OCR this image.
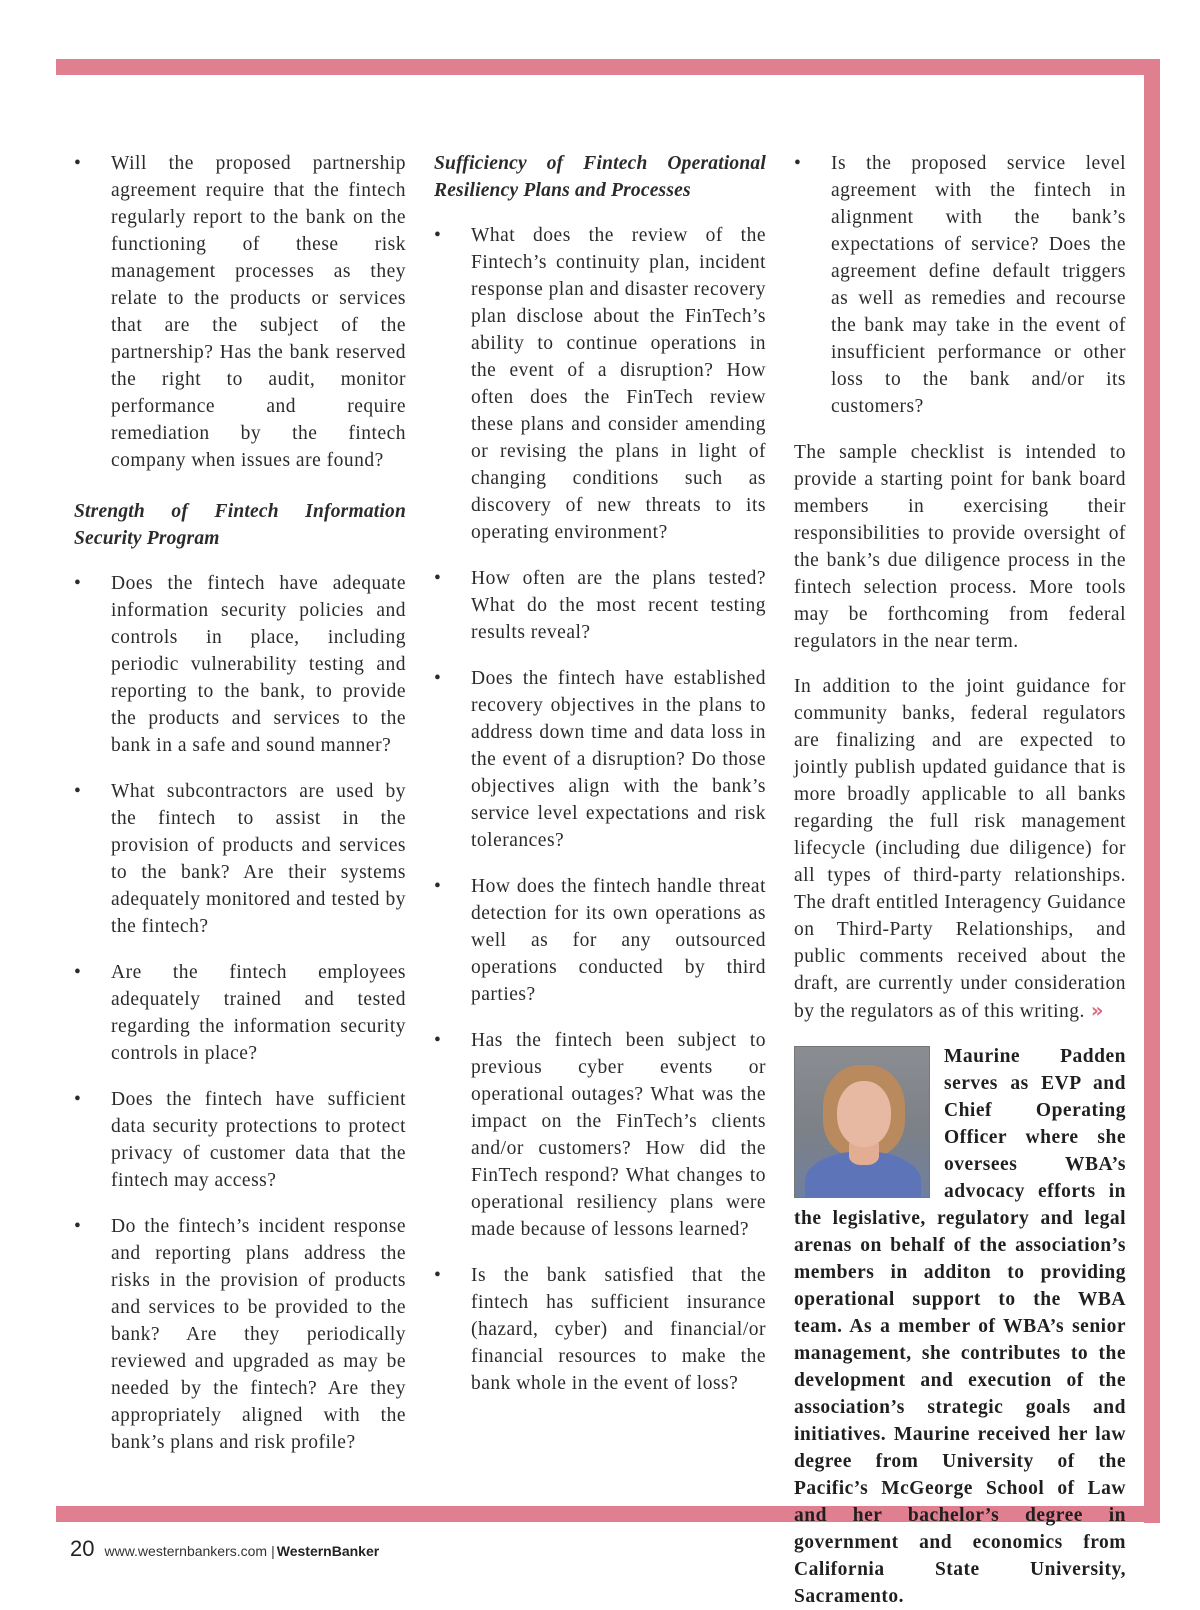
• Will the proposed partnership agreement require that the fintech regularly report to the bank on the functioning of these risk management processes as they relate to the products or services that are the subject of the partnership? Has the bank reserved the right to audit, monitor performance and require remediation by the fintech company when issues are found?
Strength of Fintech Information Security Program
• Does the fintech have adequate information security policies and controls in place, including periodic vulnerability testing and reporting to the bank, to provide the products and services to the bank in a safe and sound manner?
• What subcontractors are used by the fintech to assist in the provision of products and services to the bank? Are their systems adequately monitored and tested by the fintech?
• Are the fintech employees adequately trained and tested regarding the information security controls in place?
• Does the fintech have sufficient data security protections to protect privacy of customer data that the fintech may access?
• Do the fintech’s incident response and reporting plans address the risks in the provision of products and services to be provided to the bank? Are they periodically reviewed and upgraded as may be needed by the fintech? Are they appropriately aligned with the bank’s plans and risk profile?
Sufficiency of Fintech Operational Resiliency Plans and Processes
• What does the review of the Fintech’s continuity plan, incident response plan and disaster recovery plan disclose about the FinTech’s ability to continue operations in the event of a disruption? How often does the FinTech review these plans and consider amending or revising the plans in light of changing conditions such as discovery of new threats to its operating environment?
• How often are the plans tested? What do the most recent testing results reveal?
• Does the fintech have established recovery objectives in the plans to address down time and data loss in the event of a disruption? Do those objectives align with the bank’s service level expectations and risk tolerances?
• How does the fintech handle threat detection for its own operations as well as for any outsourced operations conducted by third parties?
• Has the fintech been subject to previous cyber events or operational outages? What was the impact on the FinTech’s clients and/or customers? How did the FinTech respond? What changes to operational resiliency plans were made because of lessons learned?
• Is the bank satisfied that the fintech has sufficient insurance (hazard, cyber) and financial/or financial resources to make the bank whole in the event of loss?
• Is the proposed service level agreement with the fintech in alignment with the bank’s expectations of service? Does the agreement define default triggers as well as remedies and recourse the bank may take in the event of insufficient performance or other loss to the bank and/or its customers?

The sample checklist is intended to provide a starting point for bank board members in exercising their responsibilities to provide oversight of the bank’s due diligence process in the fintech selection process. More tools may be forthcoming from federal regulators in the near term.

In addition to the joint guidance for community banks, federal regulators are finalizing and are expected to jointly publish updated guidance that is more broadly applicable to all banks regarding the full risk management lifecycle (including due diligence) for all types of third-party relationships. The draft entitled Interagency Guidance on Third-Party Relationships, and public comments received about the draft, are currently under consideration by the regulators as of this writing. »

Maurine Padden serves as EVP and Chief Operating Officer where she oversees WBA’s advocacy efforts in the legislative, regulatory and legal arenas on behalf of the association’s members in additon to providing operational support to the WBA team. As a member of WBA’s senior management, she contributes to the development and execution of the association’s strategic goals and initiatives. Maurine received her law degree from University of the Pacific’s McGeorge School of Law and her bachelor’s degree in government and economics from California State University, Sacramento.

20 www.westernbankers.com | WesternBanker
